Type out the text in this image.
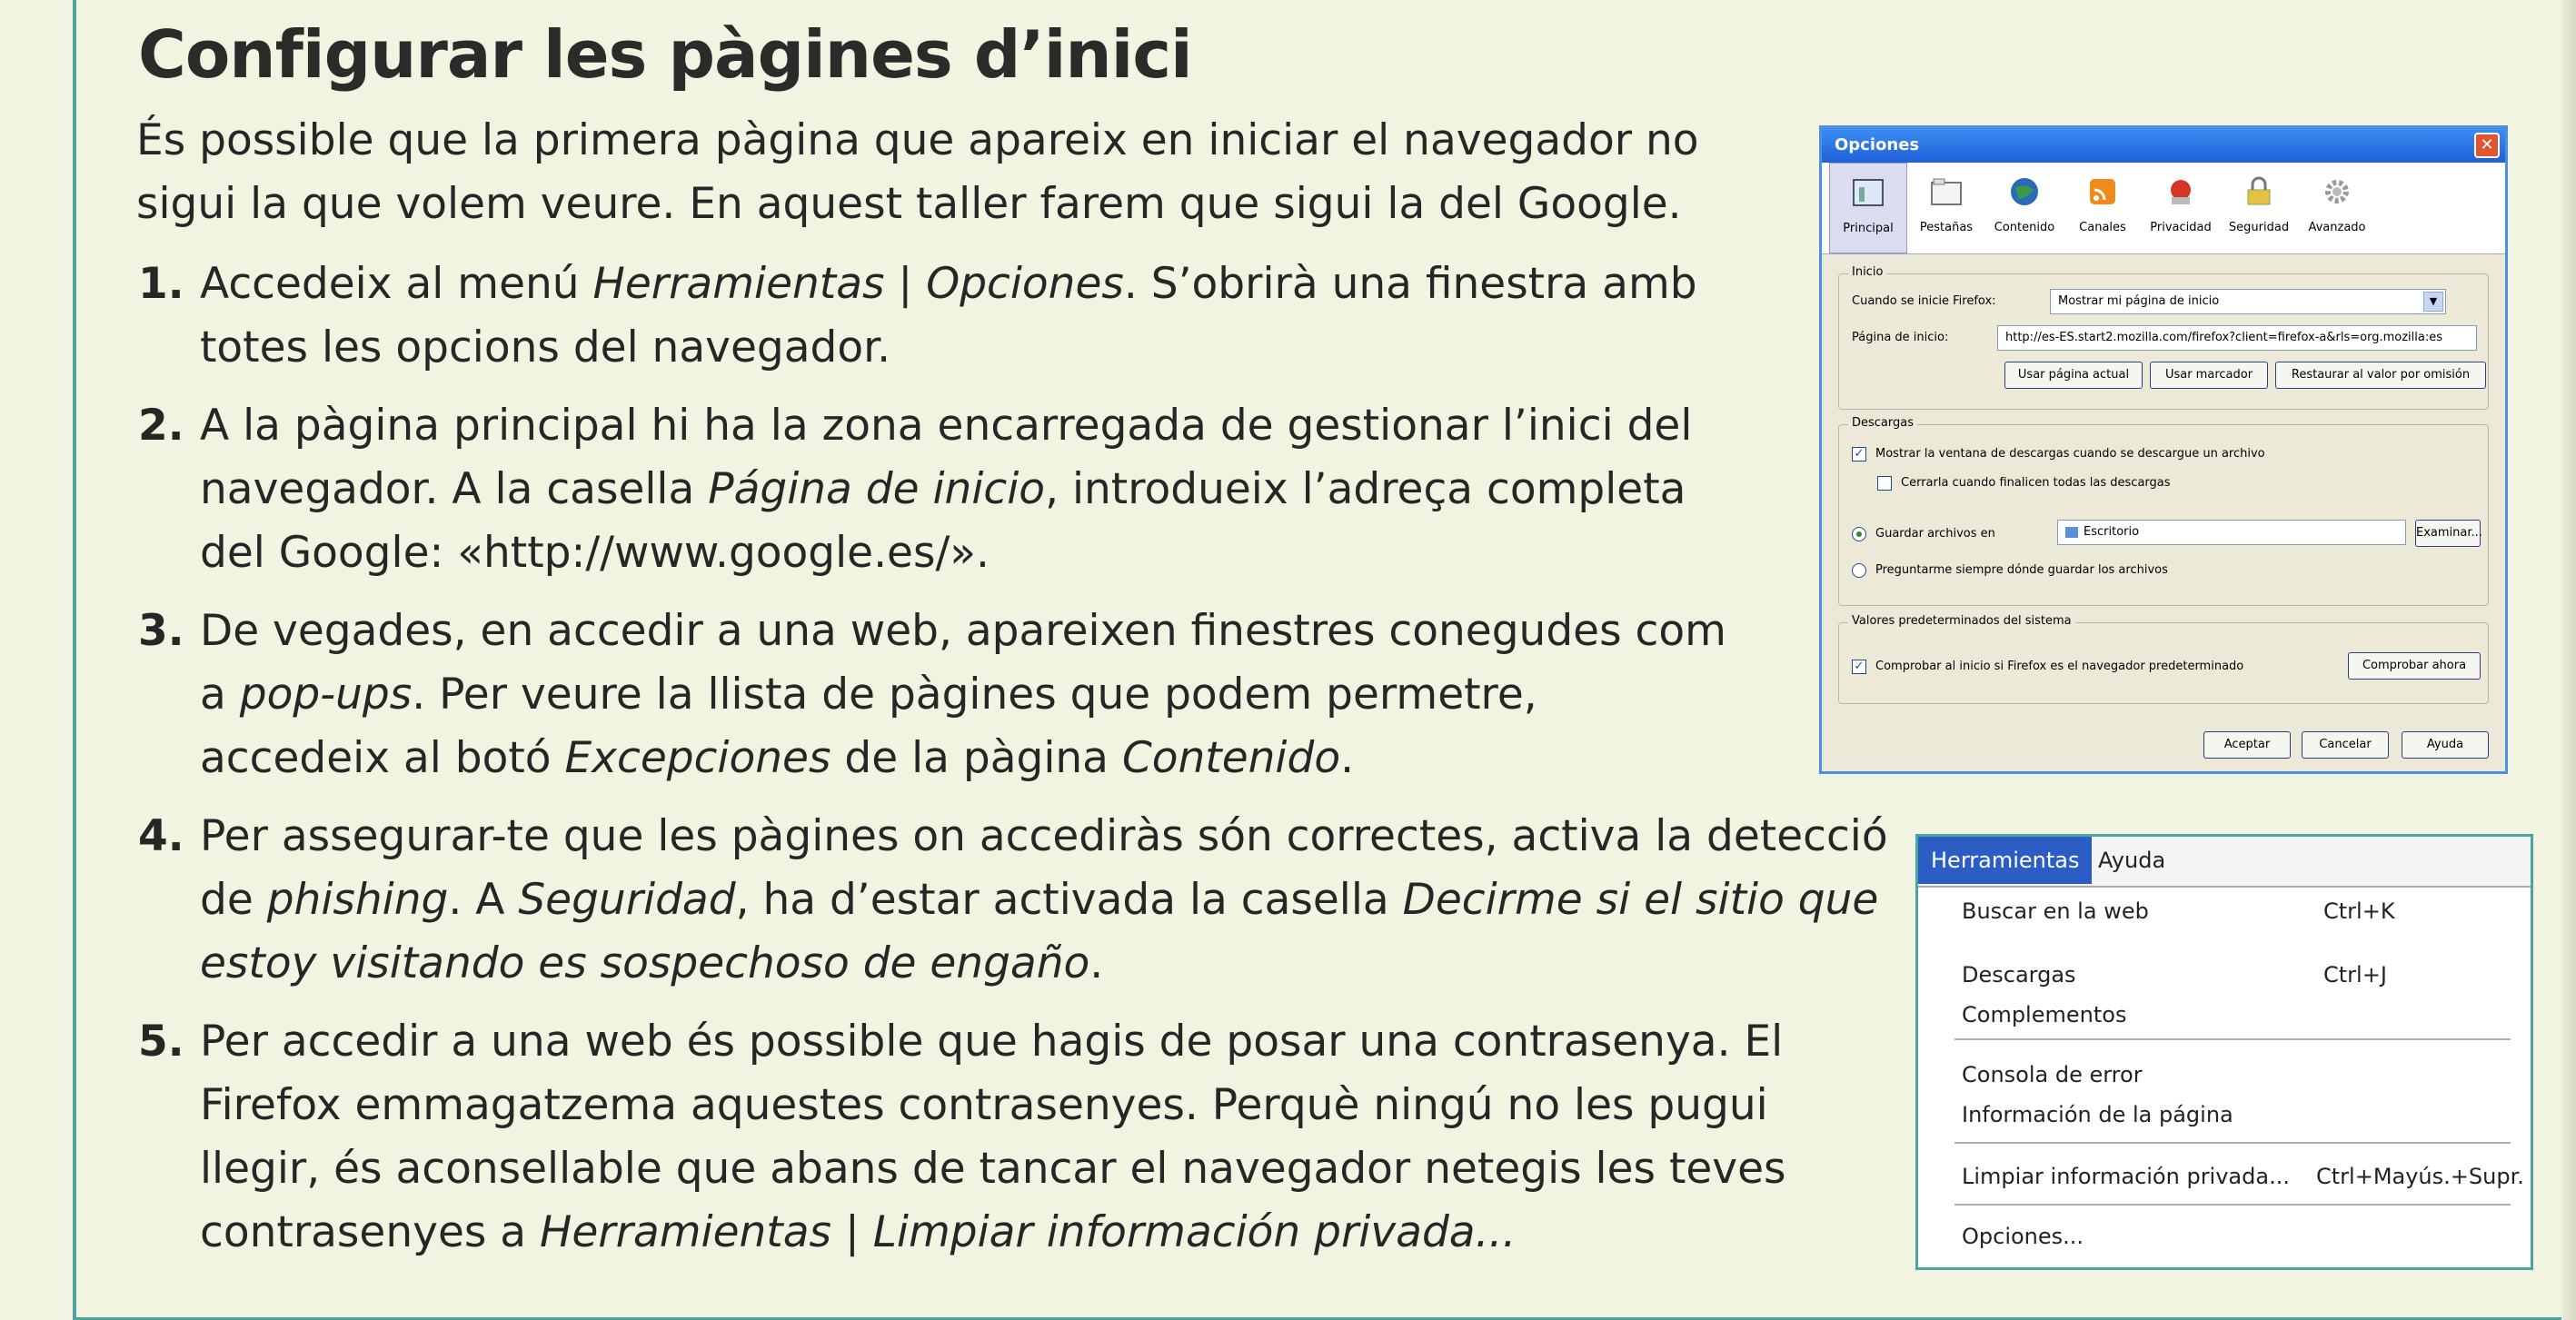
Configurar les pàgines d’inici

És possible que la primera pàgina que apareix en iniciar el navegador no sigui la que volem veure. En aquest taller farem que sigui la del Google.

1. Accedeix al menú Herramientas | Opciones. S’obrirà una finestra amb totes les opcions del navegador.
2. A la pàgina principal hi ha la zona encarregada de gestionar l’inici del navegador. A la casella Página de inicio, introdueix l’adreça completa del Google: «http://www.google.es/».
3. De vegades, en accedir a una web, apareixen finestres conegudes com a pop-ups. Per veure la llista de pàgines que podem permetre, accedeix al botó Excepciones de la pàgina Contenido.
4. Per assegurar-te que les pàgines on accediràs són correctes, activa la detecció de phishing. A Seguridad, ha d’estar activada la casella Decirme si el sitio que estoy visitando es sospechoso de engaño.
5. Per accedir a una web és possible que hagis de posar una contrasenya. El Firefox emmagatzema aquestes contrasenyes. Perquè ningú no les pugui llegir, és aconsellable que abans de tancar el navegador netegis les teves contrasenyes a Herramientas | Limpiar información privada...
Opciones	✕
Principal	Pestañas	Contenido	Canales	Privacidad	Seguridad	Avanzado
Inicio
Cuando se inicie Firefox:	Mostrar mi página de inicio	▼
Página de inicio:	http://es-ES.start2.mozilla.com/firefox?client=firefox-a&rls=org.mozilla:es
Usar página actual	Usar marcador	Restaurar al valor por omisión
Descargas
✓ Mostrar la ventana de descargas cuando se descargue un archivo
Cerrarla cuando finalicen todas las descargas
Guardar archivos en	Escritorio	Examinar...
Preguntarme siempre dónde guardar los archivos
Valores predeterminados del sistema
✓ Comprobar al inicio si Firefox es el navegador predeterminado	Comprobar ahora
Aceptar	Cancelar	Ayuda
Herramientas Ayuda
Buscar en la web	Ctrl+K
Descargas	Ctrl+J
Complementos
Consola de error
Información de la página
Limpiar información privada... Ctrl+Mayús.+Supr.
Opciones...
